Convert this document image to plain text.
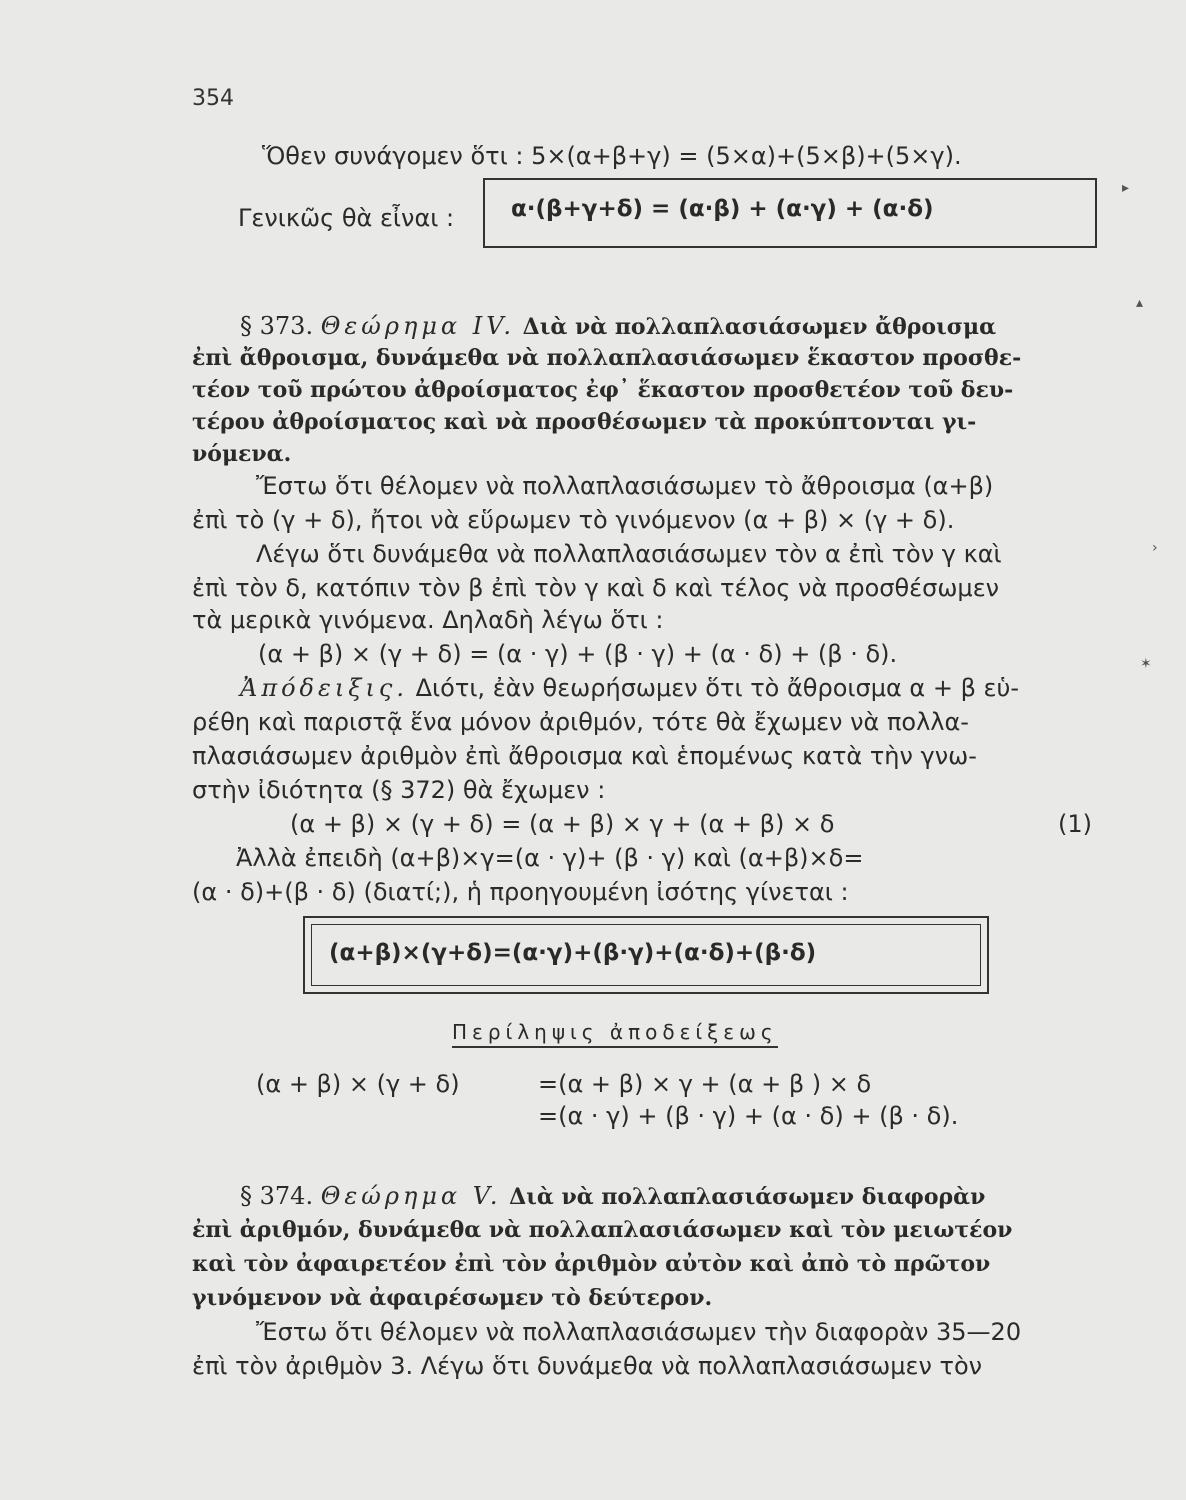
354
Ὅθεν συνάγομεν ὅτι : 5×(α+β+γ) = (5×α)+(5×β)+(5×γ).
Γενικῶς θὰ εἶναι : α·(β+γ+δ) = (α·β) + (α·γ) + (α·δ)
§ 373. Θεώρημα IV. Διὰ νὰ πολλαπλασιάσωμεν ἄθροισμα
ἐπὶ ἄθροισμα, δυνάμεθα νὰ πολλαπλασιάσωμεν ἕκαστον προσθε-
τέον τοῦ πρώτου ἀθροίσματος ἐφ᾽ ἕκαστον προσθετέον τοῦ δευ-
τέρου ἀθροίσματος καὶ νὰ προσθέσωμεν τὰ προκύπτονται γι-
νόμενα.
Ἔστω ὅτι θέλομεν νὰ πολλαπλασιάσωμεν τὸ ἄθροισμα (α+β)
ἐπὶ τὸ (γ + δ), ἤτοι νὰ εὕρωμεν τὸ γινόμενον (α + β) × (γ + δ).
Λέγω ὅτι δυνάμεθα νὰ πολλαπλασιάσωμεν τὸν α ἐπὶ τὸν γ καὶ
ἐπὶ τὸν δ, κατόπιν τὸν β ἐπὶ τὸν γ καὶ δ καὶ τέλος νὰ προσθέσωμεν
τὰ μερικὰ γινόμενα. Δηλαδὴ λέγω ὅτι :
(α + β) × (γ + δ) = (α · γ) + (β · γ) + (α · δ) + (β · δ).
Ἀπόδειξις. Διότι, ἐὰν θεωρήσωμεν ὅτι τὸ ἄθροισμα α + β εὑ-
ρέθη καὶ παριστᾷ ἕνα μόνον ἀριθμόν, τότε θὰ ἔχωμεν νὰ πολλα-
πλασιάσωμεν ἀριθμὸν ἐπὶ ἄθροισμα καὶ ἑπομένως κατὰ τὴν γνω-
στὴν ἰδιότητα (§ 372) θὰ ἔχωμεν :
(α + β) × (γ + δ) = (α + β) × γ + (α + β) × δ	(1)
Ἀλλὰ ἐπειδὴ (α+β)×γ=(α · γ)+ (β · γ) καὶ (α+β)×δ=
(α · δ)+(β · δ) (διατί;), ἡ προηγουμένη ἰσότης γίνεται :
(α+β)×(γ+δ)=(α·γ)+(β·γ)+(α·δ)+(β·δ)
Περίληψις ἀποδείξεως
(α + β) × (γ + δ)	=(α + β) × γ + (α + β ) × δ
=(α · γ) + (β · γ) + (α · δ) + (β · δ).
§ 374. Θεώρημα V. Διὰ νὰ πολλαπλασιάσωμεν διαφορὰν
ἐπὶ ἀριθμόν, δυνάμεθα νὰ πολλαπλασιάσωμεν καὶ τὸν μειωτέον
καὶ τὸν ἀφαιρετέον ἐπὶ τὸν ἀριθμὸν αὐτὸν καὶ ἀπὸ τὸ πρῶτον
γινόμενον νὰ ἀφαιρέσωμεν τὸ δεύτερον.
Ἔστω ὅτι θέλομεν νὰ πολλαπλασιάσωμεν τὴν διαφορὰν 35—20
ἐπὶ τὸν ἀριθμὸν 3. Λέγω ὅτι δυνάμεθα νὰ πολλαπλασιάσωμεν τὸν
▸
▴
›
✶
